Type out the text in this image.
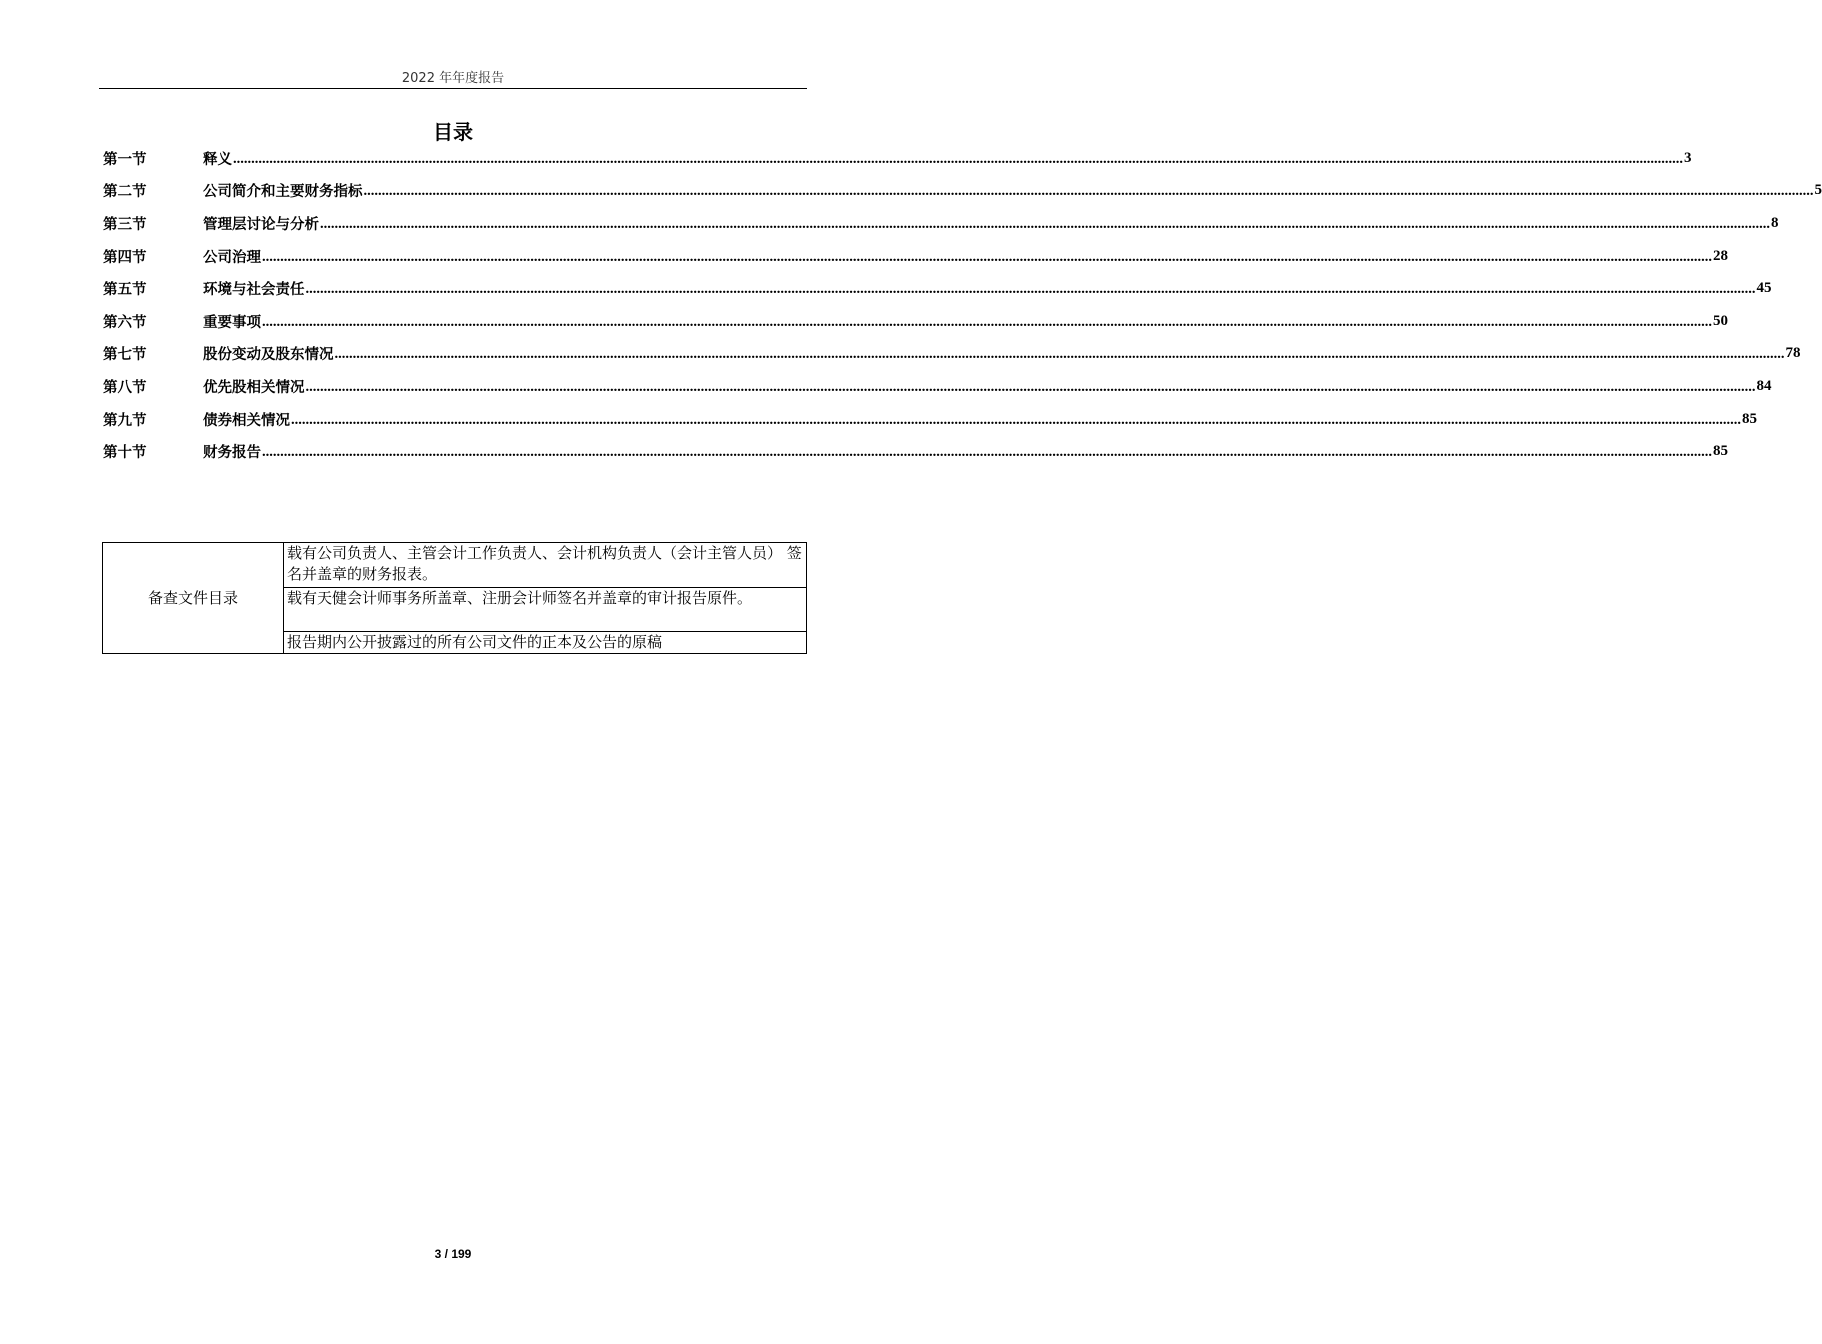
2022 年年度报告
目录
第一节	释义 ................................................................................................................................................................................................................................................................................................................................................................................................................ 3
第二节	公司简介和主要财务指标 ................................................................................................................................................................................................................................................................................................................................................................................................................ 5
第三节	管理层讨论与分析 ................................................................................................................................................................................................................................................................................................................................................................................................................ 8
第四节	公司治理 ................................................................................................................................................................................................................................................................................................................................................................................................................ 28
第五节	环境与社会责任 ................................................................................................................................................................................................................................................................................................................................................................................................................ 45
第六节	重要事项 ................................................................................................................................................................................................................................................................................................................................................................................................................ 50
第七节	股份变动及股东情况 ................................................................................................................................................................................................................................................................................................................................................................................................................ 78
第八节	优先股相关情况 ................................................................................................................................................................................................................................................................................................................................................................................................................ 84
第九节	债券相关情况 ................................................................................................................................................................................................................................................................................................................................................................................................................ 85
第十节	财务报告 ................................................................................................................................................................................................................................................................................................................................................................................................................ 85
备查文件目录	载有公司负责人、主管会计工作负责人、会计机构负责人（会计主管人员） 签名并盖章的财务报表。
载有天健会计师事务所盖章、注册会计师签名并盖章的审计报告原件。
报告期内公开披露过的所有公司文件的正本及公告的原稿
3 / 199
